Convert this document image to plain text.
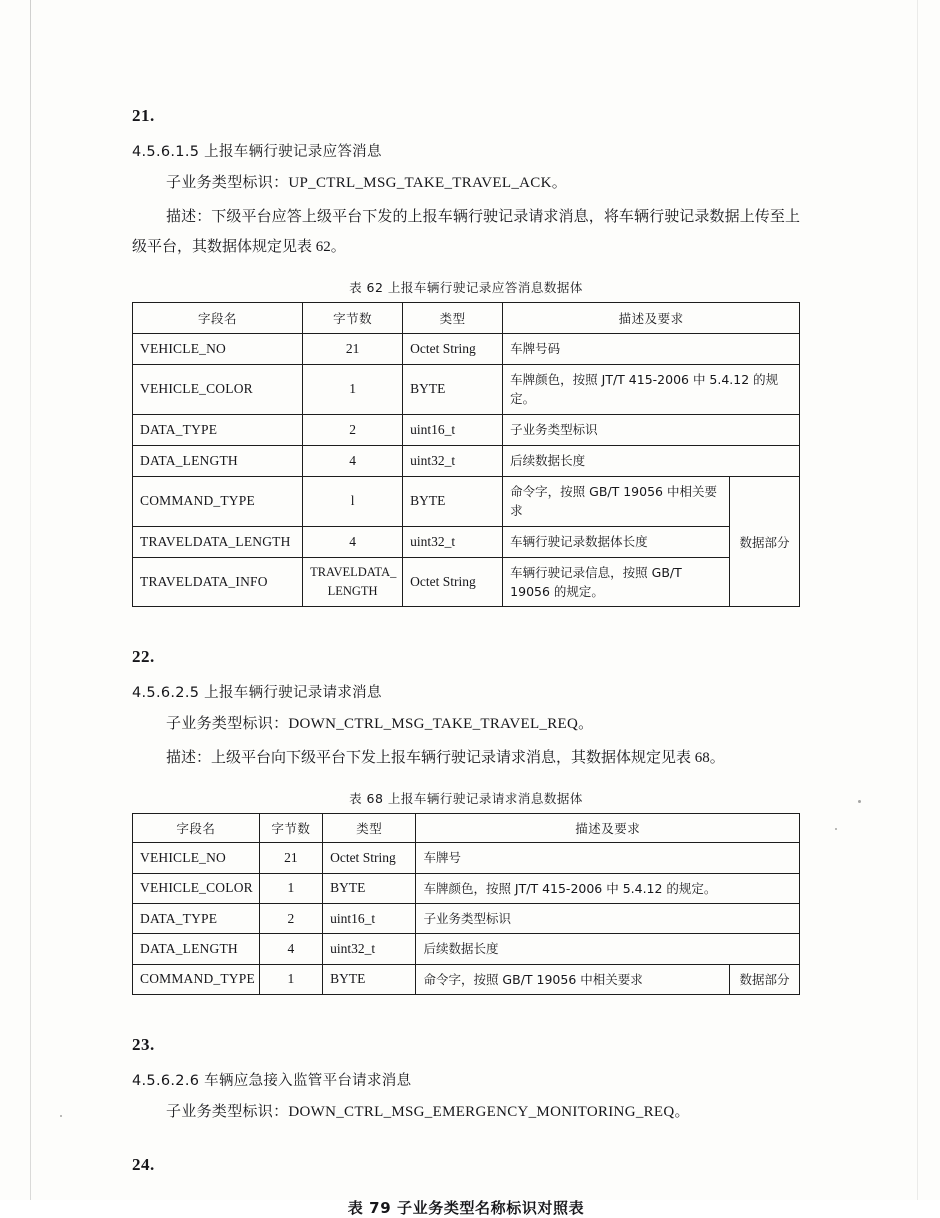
21.
4.5.6.1.5 上报车辆行驶记录应答消息
子业务类型标识：UP_CTRL_MSG_TAKE_TRAVEL_ACK。
描述：下级平台应答上级平台下发的上报车辆行驶记录请求消息，将车辆行驶记录数据上传至上级平台，其数据体规定见表 62。
表 62 上报车辆行驶记录应答消息数据体
字段名	字节数	类型	描述及要求	
VEHICLE_NO	21	Octet String	车牌号码	
VEHICLE_COLOR	1	BYTE	车牌颜色，按照 JT/T 415-2006 中 5.4.12 的规定。	
DATA_TYPE	2	uint16_t	子业务类型标识	
DATA_LENGTH	4	uint32_t	后续数据长度	
COMMAND_TYPE	l	BYTE	命令字，按照 GB/T 19056 中相关要求	数据部分
TRAVELDATA_LENGTH	4	uint32_t	车辆行驶记录数据体长度	
TRAVELDATA_INFO	TRAVELDATA_ LENGTH	Octet String	车辆行驶记录信息，按照 GB/T 19056 的规定。	
22.
4.5.6.2.5 上报车辆行驶记录请求消息
子业务类型标识：DOWN_CTRL_MSG_TAKE_TRAVEL_REQ。
描述：上级平台向下级平台下发上报车辆行驶记录请求消息，其数据体规定见表 68。
表 68 上报车辆行驶记录请求消息数据体
字段名	字节数	类型	描述及要求	
VEHICLE_NO	21	Octet String	车牌号	
VEHICLE_COLOR	1	BYTE	车牌颜色，按照 JT/T 415-2006 中 5.4.12 的规定。	
DATA_TYPE	2	uint16_t	子业务类型标识	
DATA_LENGTH	4	uint32_t	后续数据长度	
COMMAND_TYPE	1	BYTE	命令字，按照 GB/T 19056 中相关要求	数据部分
23.
4.5.6.2.6 车辆应急接入监管平台请求消息
子业务类型标识：DOWN_CTRL_MSG_EMERGENCY_MONITORING_REQ。
24.
表 79 子业务类型名称标识对照表
